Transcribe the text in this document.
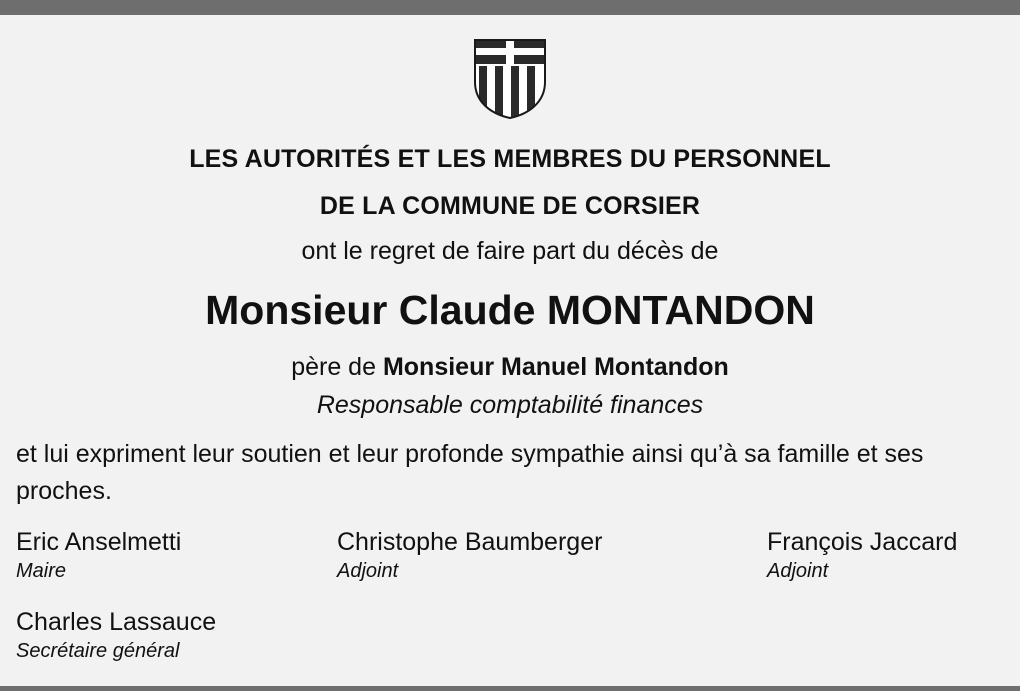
LES AUTORITÉS ET LES MEMBRES DU PERSONNEL
DE LA COMMUNE DE CORSIER
ont le regret de faire part du décès de
Monsieur Claude MONTANDON
père de Monsieur Manuel Montandon
Responsable comptabilité finances
et lui expriment leur soutien et leur profonde sympathie ainsi qu’à sa famille et ses proches.
Eric Anselmetti
Maire
Christophe Baumberger
Adjoint
François Jaccard
Adjoint
Charles Lassauce
Secrétaire général
